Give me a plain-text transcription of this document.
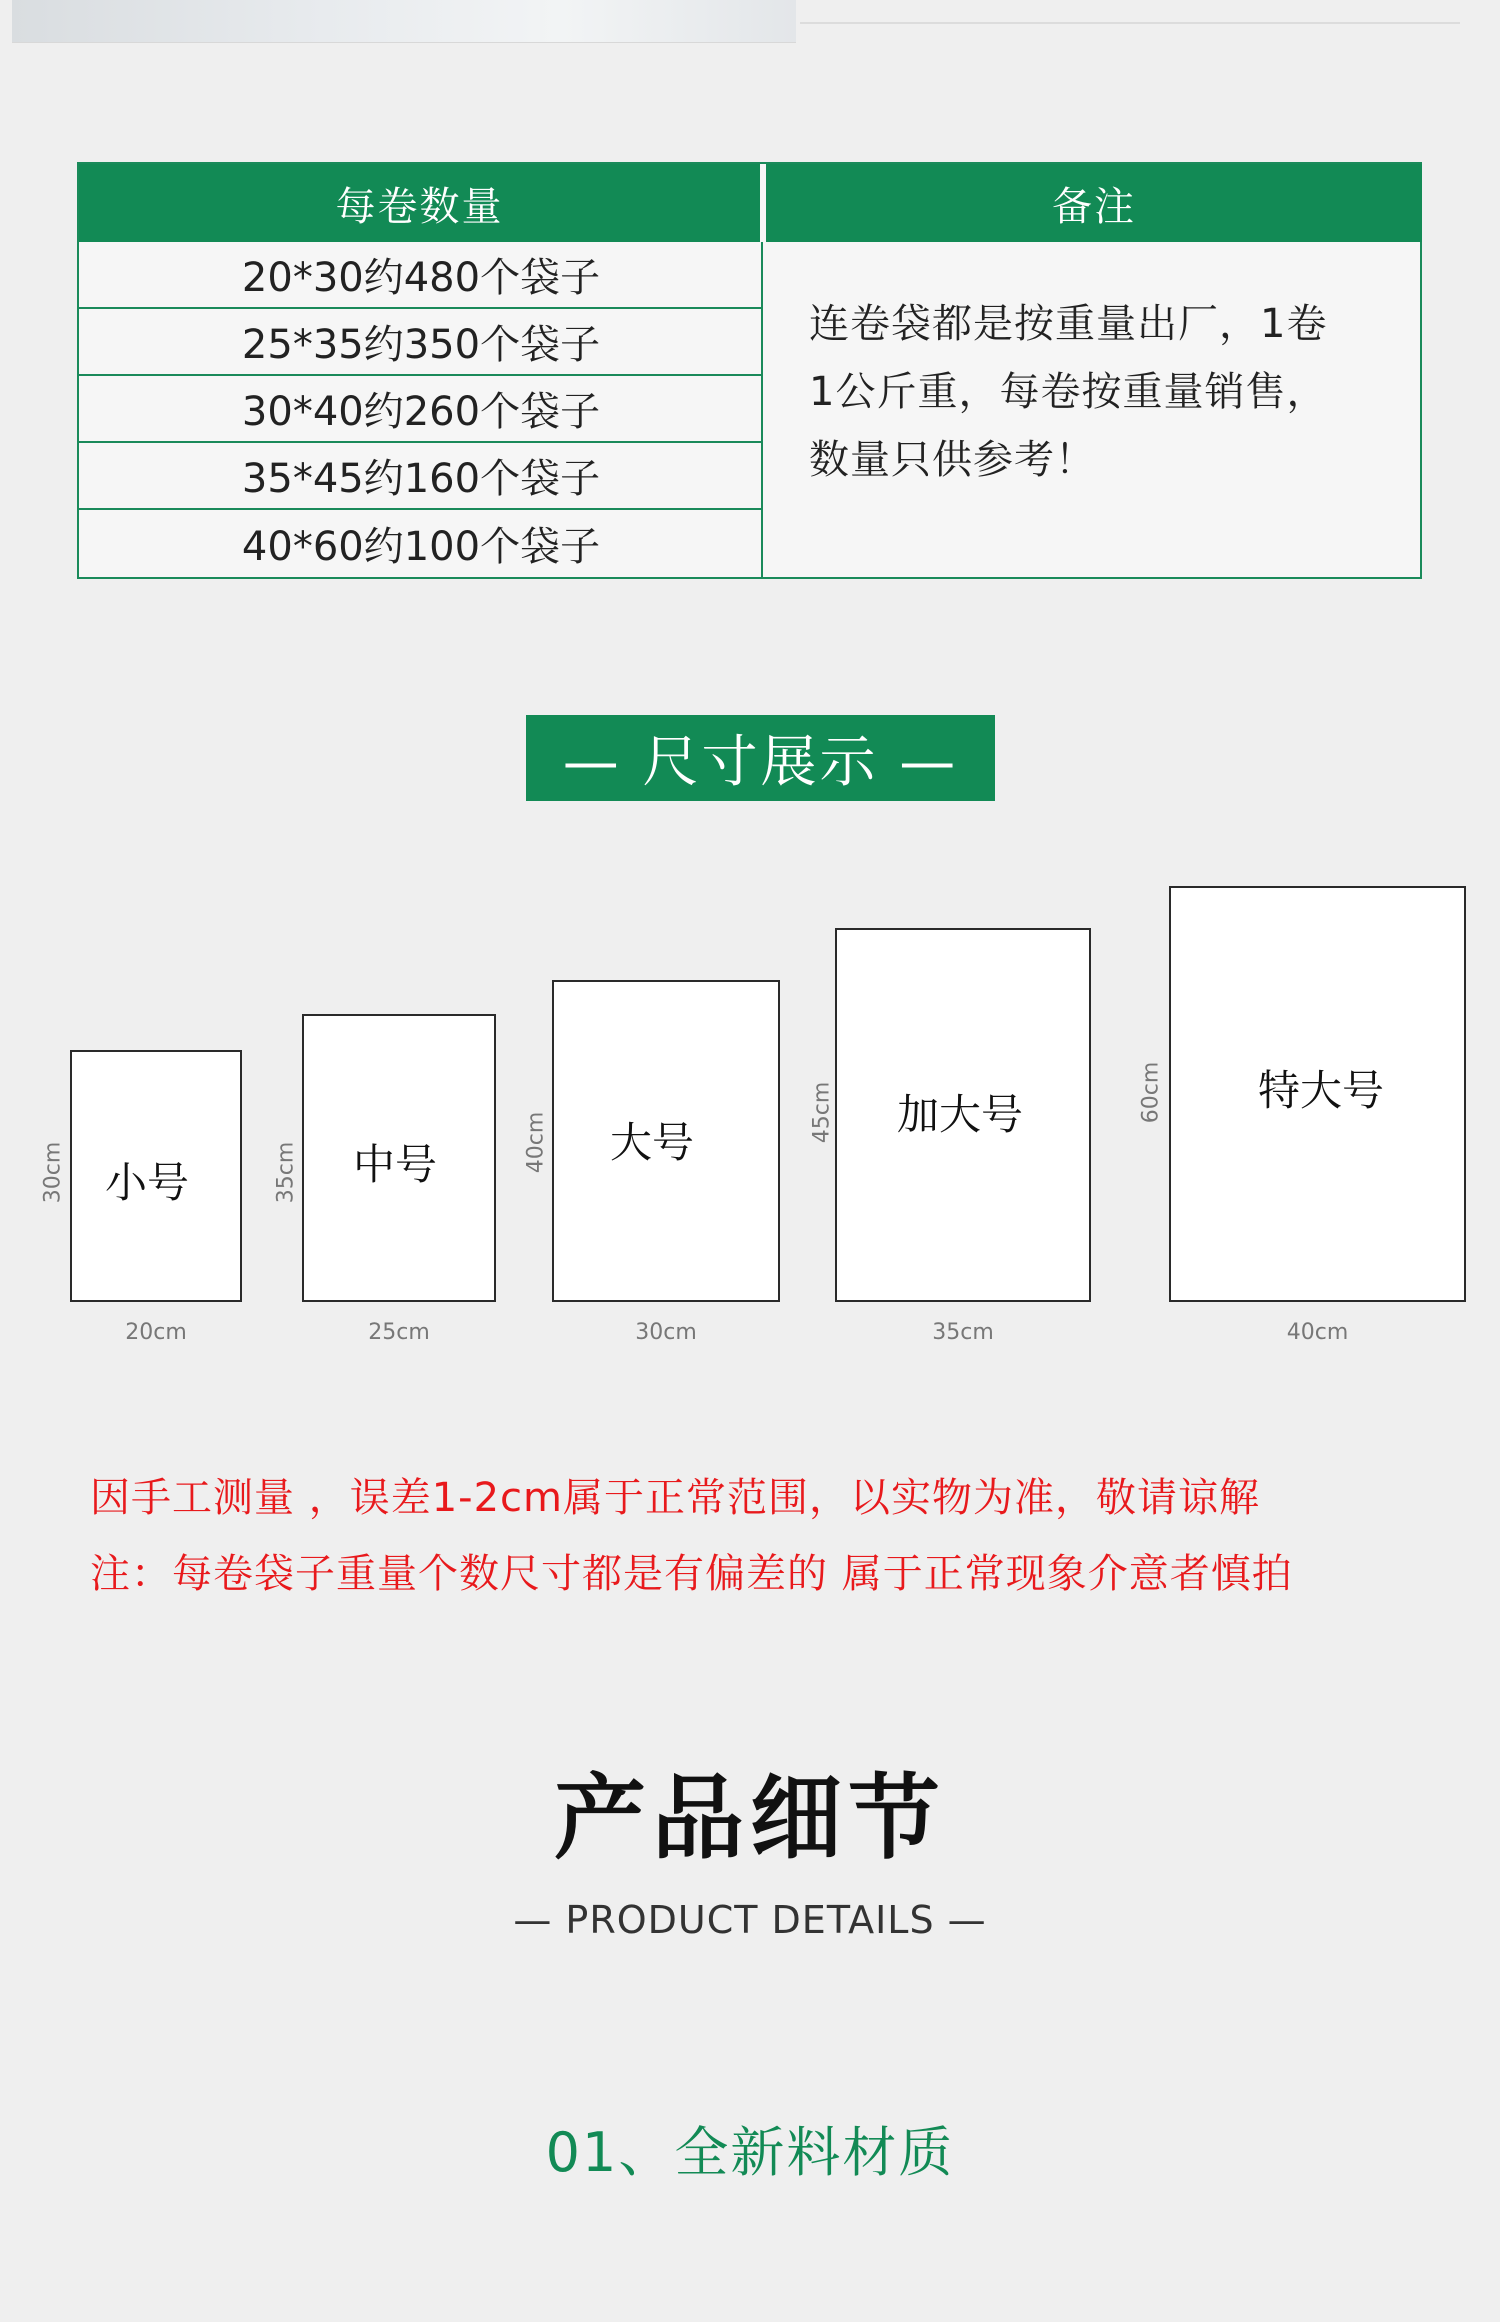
每卷数量	备注
20*30约480个袋子
25*35约350个袋子
30*40约260个袋子
35*45约160个袋子
40*60约100个袋子
连卷袋都是按重量出厂，1卷
1公斤重，每卷按重量销售，
数量只供参考！
— 尺寸展示 —
小号
30cm
20cm
中号
35cm
25cm
大号
40cm
30cm
加大号
45cm
35cm
特大号
60cm
40cm
因手工测量 ，误差1-2cm属于正常范围，以实物为准，敬请谅解
注：每卷袋子重量个数尺寸都是有偏差的 属于正常现象介意者慎拍
产品细节
— PRODUCT DETAILS —
01、全新料材质
